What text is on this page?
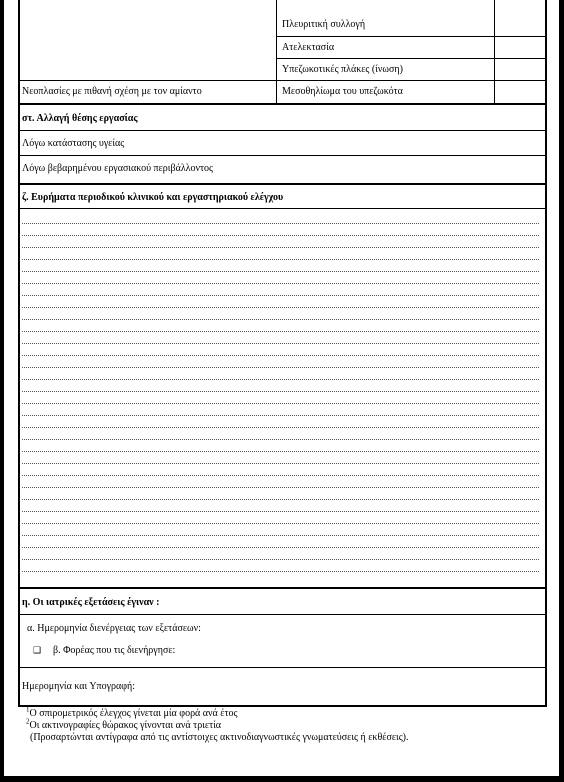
Πλευριτική συλλογή
Ατελεκτασία
Υπεζωκοτικές πλάκες (ίνωση)
Νεοπλασίες με πιθανή σχέση με τον αμίαντο	Μεσοθηλίωμα του υπεζωκότα
στ. Αλλαγή θέσης εργασίας
Λόγω κατάστασης υγείας
Λόγω βεβαρημένου εργασιακού περιβάλλοντος
ζ. Ευρήματα περιοδικού κλινικού και εργαστηριακού ελέγχου
η. Οι ιατρικές εξετάσεις έγιναν :
α. Ημερομηνία διενέργειας των εξετάσεων:
❑ β. Φορέας που τις διενήργησε:
Ημερομηνία και Υπογραφή:
$^1$Ο σπιρομετρικός έλεγχος γίνεται μία φορά ανά έτος
$^2$Οι ακτινογραφίες θώρακος γίνονται ανά τριετία
(Προσαρτώνται αντίγραφα από τις αντίστοιχες ακτινοδιαγνωστικές γνωματεύσεις ή εκθέσεις).
